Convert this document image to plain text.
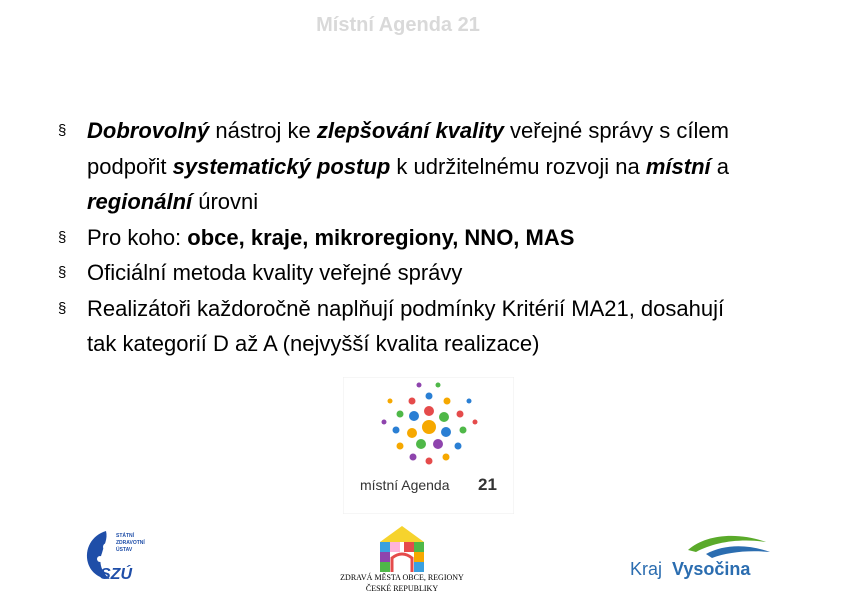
Místní Agenda 21
§ Dobrovolný nástroj ke zlepšování kvality veřejné správy s cílem podpořit systematický postup k udržitelnému rozvoji na místní a regionální úrovni
§ Pro koho: obce, kraje, mikroregiony, NNO, MAS
§ Oficiální metoda kvality veřejné správy
§ Realizátoři každoročně naplňují podmínky Kritérií MA21, dosahují tak kategorií D až A (nejvyšší kvalita realizace)
místní Agenda 21
STÁTNÍ
ZDRAVOTNÍ
ÚSTAV
SZÚ	ZDRAVÁ MĚSTA OBCE, REGIONY
ČESKÉ REPUBLIKY
Kraj Vysočina
